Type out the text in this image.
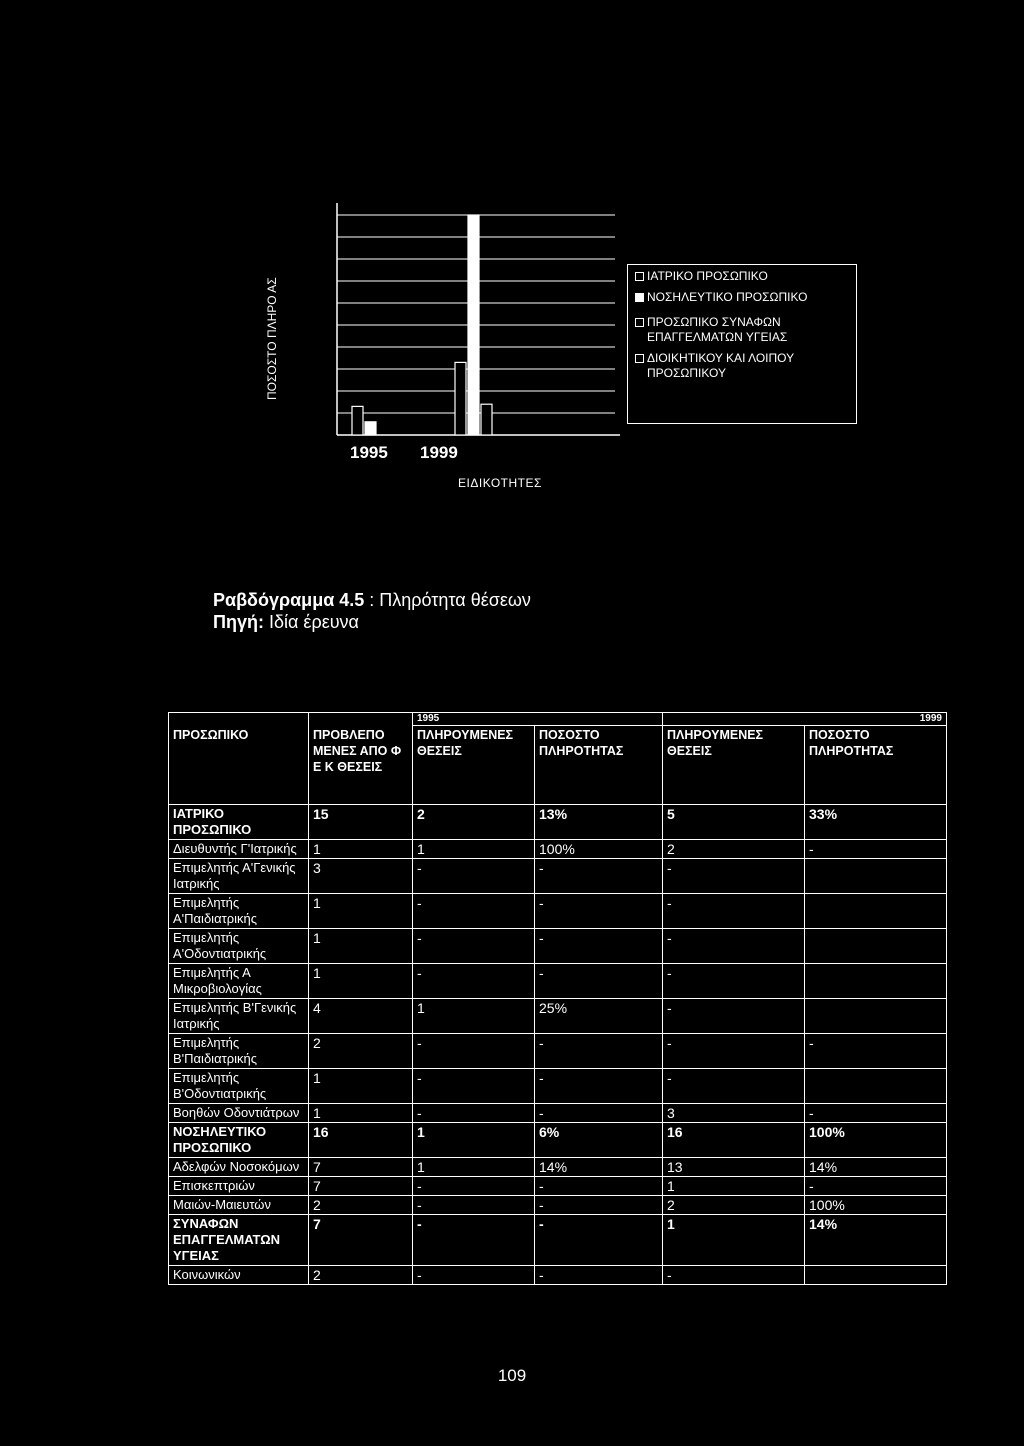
ΠΟΣΟΣΤΟ ΠΛΗΡΟ ΑΣ
1995 1999
ΕΙΔΙΚΟΤΗΤΕΣ
ΙΑΤΡΙΚΟ ΠΡΟΣΩΠΙΚΟ
ΝΟΣΗΛΕΥΤΙΚΟ ΠΡΟΣΩΠΙΚΟ
ΠΡΟΣΩΠΙΚΟ ΣΥΝΑΦΩΝ ΕΠΑΓΓΕΛΜΑΤΩΝ ΥΓΕΙΑΣ
ΔΙΟΙΚΗΤΙΚΟΥ ΚΑΙ ΛΟΙΠΟΥ ΠΡΟΣΩΠΙΚΟΥ
Ραβδόγραμμα 4.5 : Πληρότητα θέσεων
Πηγή: Ιδία έρευνα
		1995		1999	
ΠΡΟΣΩΠΙΚΟ	ΠΡΟΒΛΕΠΟ ΜΕΝΕΣ ΑΠΟ Φ Ε Κ ΘΕΣΕΙΣ	ΠΛΗΡΟΥΜΕΝΕΣ ΘΕΣΕΙΣ	ΠΟΣΟΣΤΟ ΠΛΗΡΟΤΗΤΑΣ	ΠΛΗΡΟΥΜΕΝΕΣ ΘΕΣΕΙΣ	ΠΟΣΟΣΤΟ ΠΛΗΡΟΤΗΤΑΣ
ΙΑΤΡΙΚΟ ΠΡΟΣΩΠΙΚΟ	15	2	13%	5	33%
Διευθυντής Γ'Ιατρικής	1	1	100%	2	-
Επιμελητής Α'Γενικής Ιατρικής	3	-	-	-	
Επιμελητής Α'Παιδιατρικής	1	-	-	-	
Επιμελητής Α'Οδοντιατρικής	1	-	-	-	
Επιμελητής Α Μικροβιολογίας	1	-	-	-	
Επιμελητής Β'Γενικής Ιατρικής	4	1	25%	-	
Επιμελητής Β'Παιδιατρικής	2	-	-	-	-
Επιμελητής Β'Οδοντιατρικής	1	-	-	-	
Βοηθών Οδοντιάτρων	1	-	-	3	-
ΝΟΣΗΛΕΥΤΙΚΟ ΠΡΟΣΩΠΙΚΟ	16	1	6%	16	100%
Αδελφών Νοσοκόμων	7	1	14%	13	14%
Επισκεπτριών	7	-	-	1	-
Μαιών-Μαιευτών	2	-	-	2	100%
ΣΥΝΑΦΩΝ ΕΠΑΓΓΕΛΜΑΤΩΝ ΥΓΕΙΑΣ	7	-	-	1	14%
Κοινωνικών	2	-	-	-	
109
